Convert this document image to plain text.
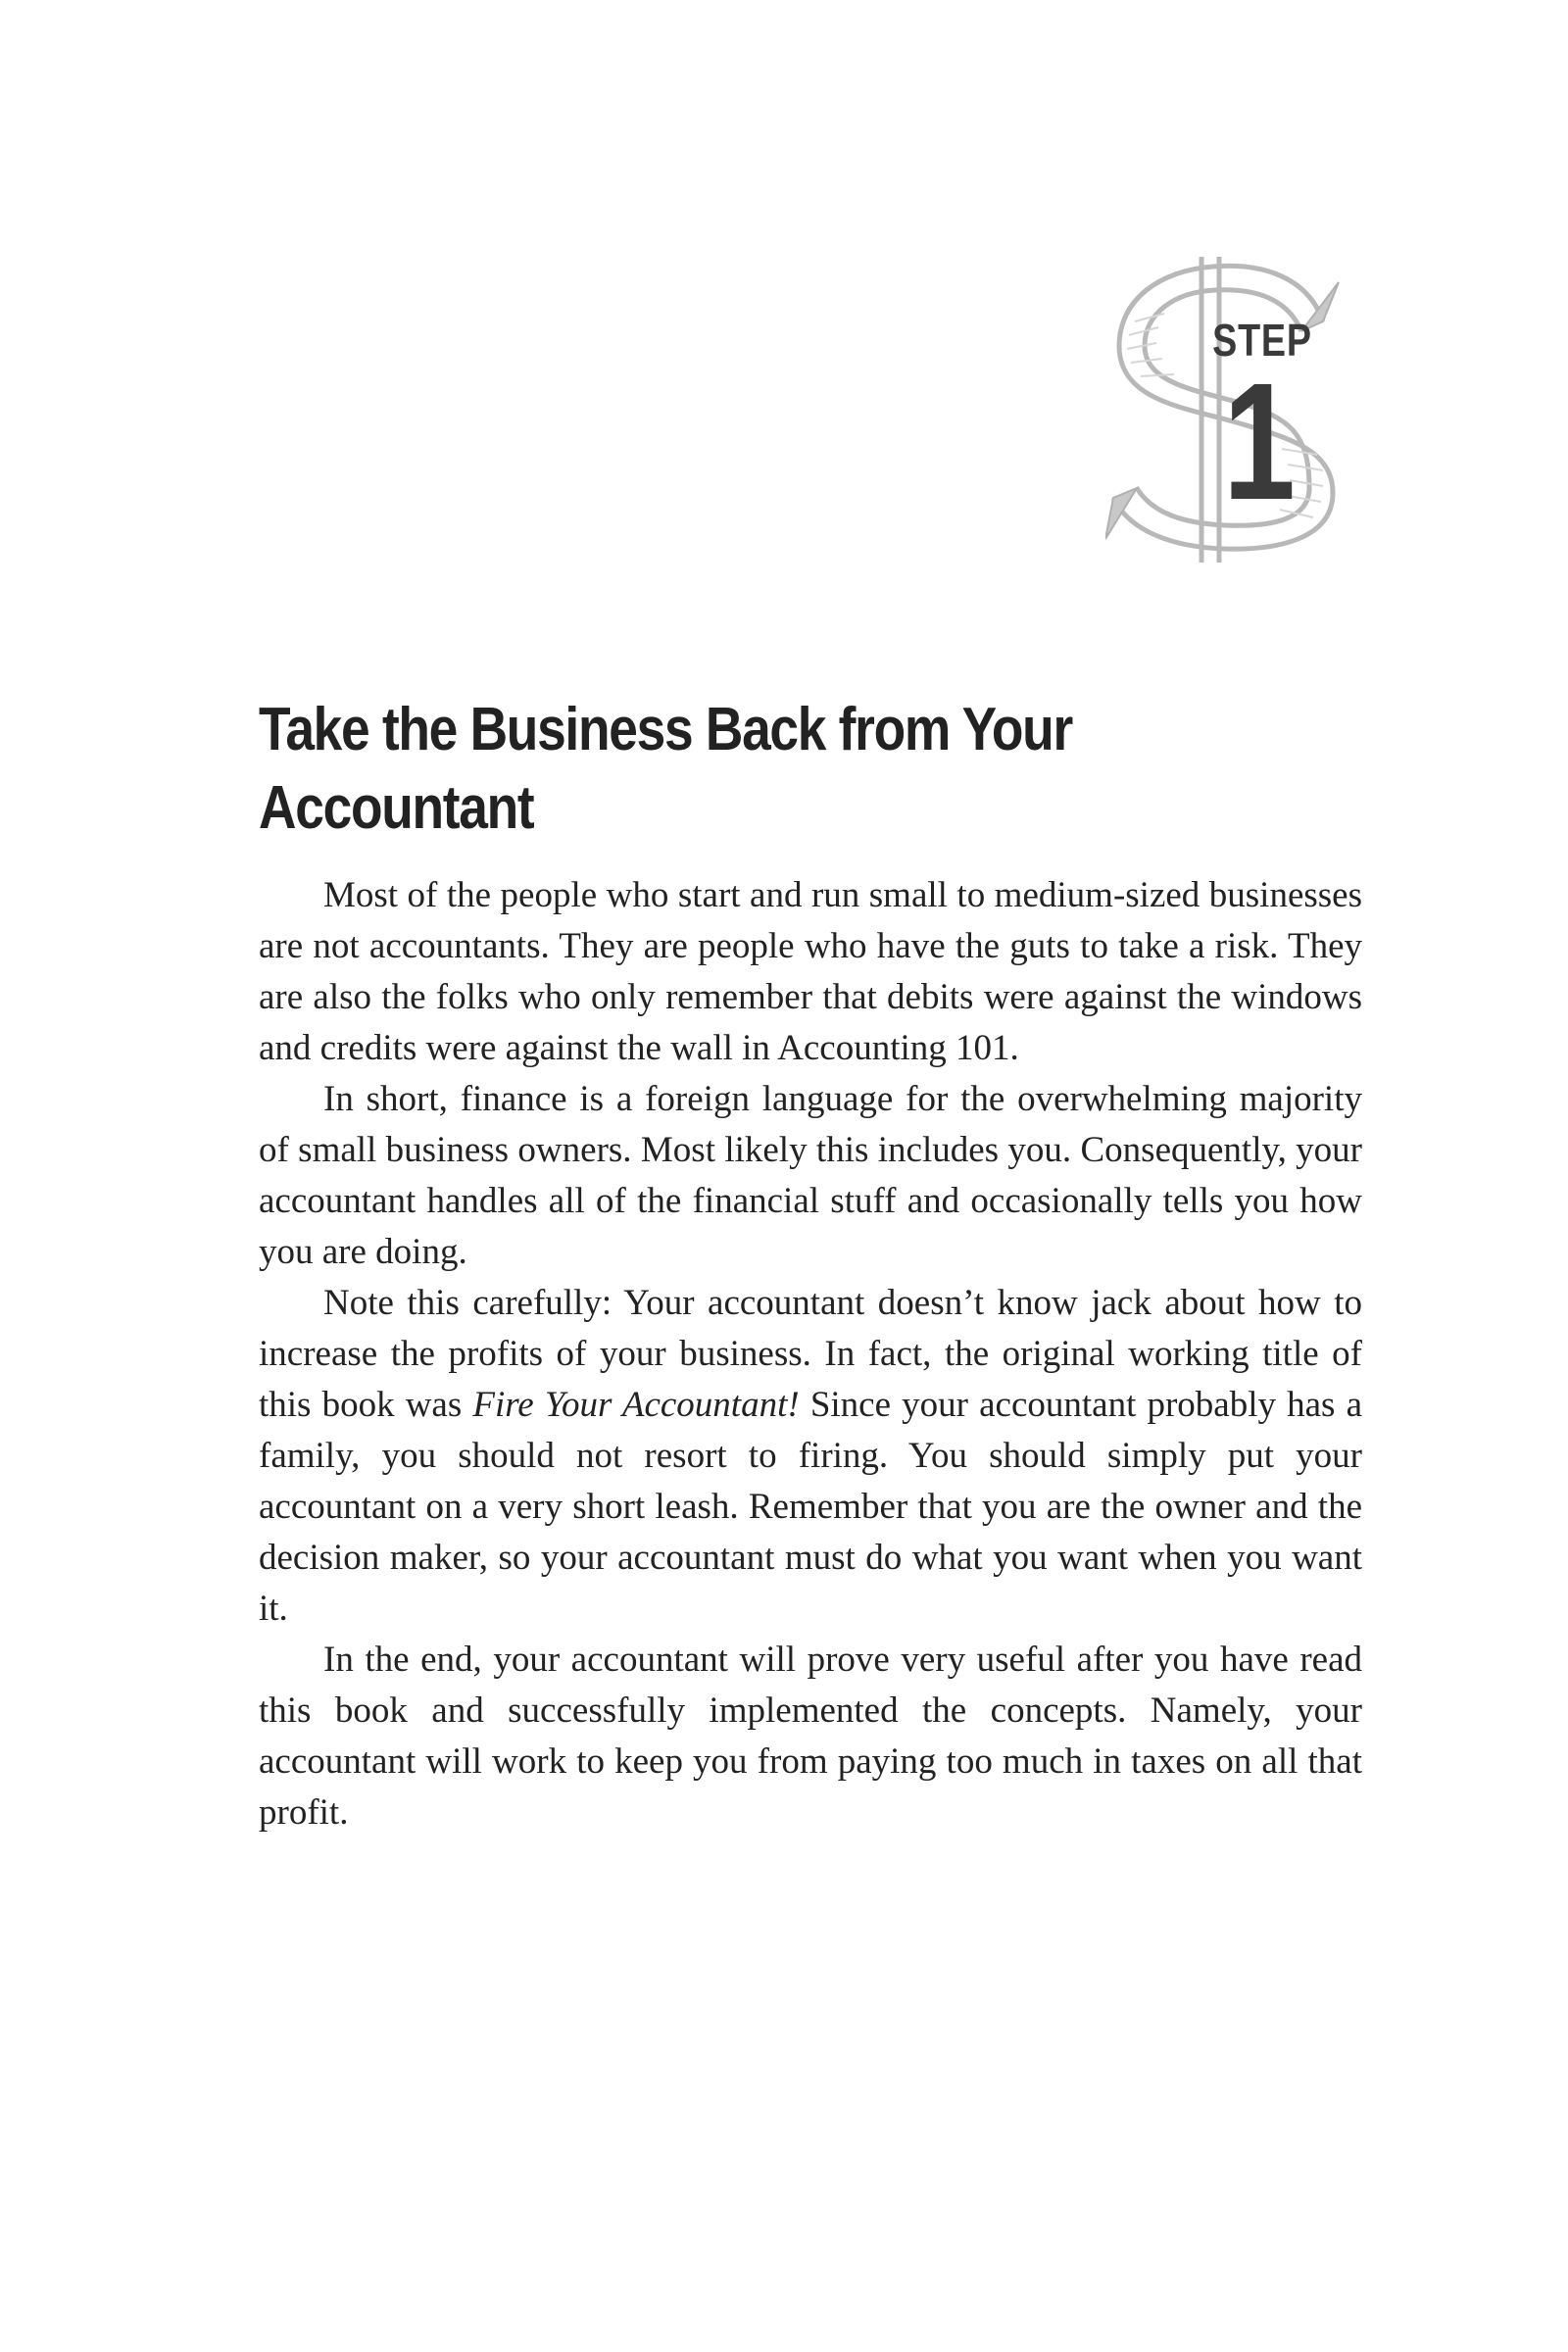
STEP
1
Take the Business Back from Your
Accountant

Most of the people who start and run small to medium-sized businesses are not accountants. They are people who have the guts to take a risk. They are also the folks who only remember that debits were against the windows and credits were against the wall in Accounting 101.

In short, finance is a foreign language for the overwhelming majority of small business owners. Most likely this includes you. Consequently, your accountant handles all of the financial stuff and occasionally tells you how you are doing.

Note this carefully: Your accountant doesn’t know jack about how to increase the profits of your business. In fact, the original working title of this book was Fire Your Accountant! Since your accountant probably has a family, you should not resort to firing. You should simply put your accountant on a very short leash. Remember that you are the owner and the decision maker, so your accountant must do what you want when you want it.

In the end, your accountant will prove very useful after you have read this book and successfully implemented the concepts. Namely, your accountant will work to keep you from paying too much in taxes on all that profit.
